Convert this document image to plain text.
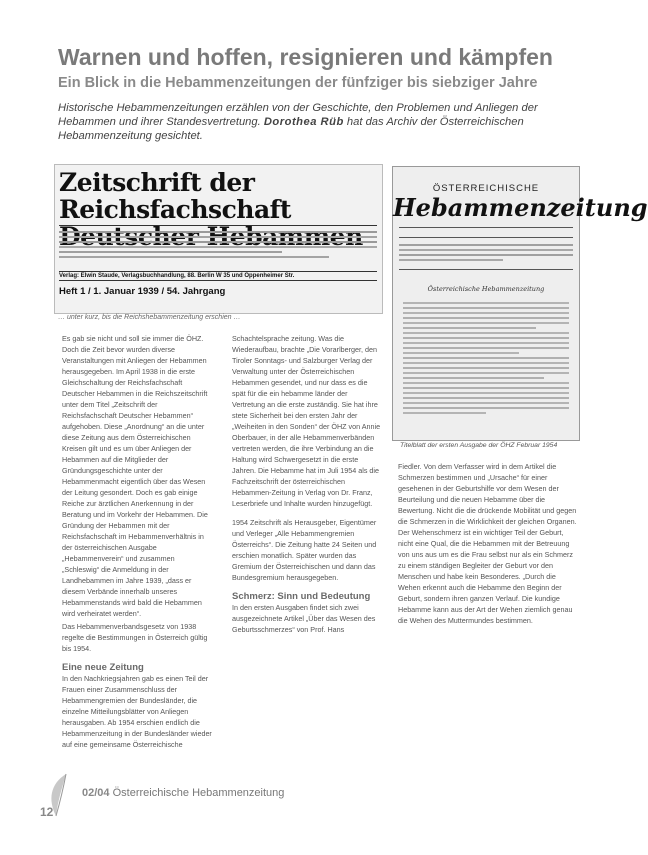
Warnen und hoffen, resignieren und kämpfen
Ein Blick in die Hebammenzeitungen der fünfziger bis siebziger Jahre
Historische Hebammenzeitungen erzählen von der Geschichte, den Problemen und Anliegen der Hebammen und ihrer Standesvertretung. Dorothea Rüb hat das Archiv der Österreichischen Hebammenzeitung gesichtet.
Zeitschrift der Reichsfachschaft
Verlag: Elwin Staude, Verlagsbuchhandlung, 88. Berlin W 35 und Oppenheimer Str.
Heft 1 / 1. Januar 1939 / 54. Jahrgang
… unter kurz, bis die Reichshebammenzeitung erschien …
ÖSTERREICHISCHE
Hebammenzeitung
Österreichische Hebammenzeitung
Titelblatt der ersten Ausgabe der ÖHZ Februar 1954

Es gab sie nicht und soll sie immer die ÖHZ. Doch die Zeit bevor wurden diverse Veranstaltungen mit Anliegen der Hebammen herausgegeben. Im April 1938 in die erste Gleichschaltung der Reichsfachschaft Deutscher Hebammen in die Reichszeitschrift unter dem Titel „Zeitschrift der Reichsfachschaft Deutscher Hebammen“ aufgehoben. Diese „Anordnung“ an die unter diese Zeitung aus dem Österreichischen Kreisen gilt und es um über Anliegen der Hebammen auf die Mitglieder der Gründungsgeschichte unter der Hebammenmacht eigentlich über das Wesen der Leitung gesondert. Doch es gab einige Reiche zur ärztlichen Anerkennung in der Beratung und im Vorkehr der Hebammen. Die Gründung der Hebammen mit der Reichsfachschaft im Hebammenverhältnis in der österreichischen Ausgabe „Hebammenverein“ und zusammen „Schleswig“ die Anmeldung in der Landhebammen im Jahre 1939, „dass er diesem Verbände innerhalb unseres Hebammenstands wird bald die Hebammen wird verheiratet werden“.

Das Hebammenverbandsgesetz von 1938 regelte die Bestimmungen in Österreich gültig bis 1954.

Eine neue Zeitung

In den Nachkriegsjahren gab es einen Teil der Frauen einer Zusammenschluss der Hebammengremien der Bundesländer, die einzelne Mitteilungsblätter von Anliegen herausgaben. Ab 1954 erschien endlich die Hebammenzeitung in der Bundesländer wieder auf eine gemeinsame Österreichische

Schachtelsprache zeitung. Was die Wiederaufbau, brachte „Die Vorarlberger, den Tiroler Sonntags- und Salzburger Verlag der Verwaltung unter der Österreichischen Hebammen gesendet, und nur dass es die spät für die ein hebamme länder der Vertretung an die erste zuständig. Sie hat ihre stete Sicherheit bei den ersten Jahr der „Weiheiten in den Sonden“ der ÖHZ von Annie Oberbauer, in der alle Hebammenverbänden vertreten werden, die ihre Verbindung an die Haltung wird Schwergesetzt in die erste Jahren. Die Hebamme hat im Juli 1954 als die Fachzeitschrift der österreichischen Hebammen-Zeitung in Verlag von Dr. Franz, Leserbriefe und Inhalte wurden hinzugefügt.

1954 Zeitschrift als Herausgeber, Eigentümer und Verleger „Alle Hebammengremien Österreichs“. Die Zeitung hatte 24 Seiten und erschien monatlich. Später wurden das Gremium der Österreichischen und dann das Bundesgremium herausgegeben.

Schmerz: Sinn und Bedeutung

In den ersten Ausgaben findet sich zwei ausgezeichnete Artikel „Über das Wesen des Geburtsschmerzes“ von Prof. Hans

Fiedler. Von dem Verfasser wird in dem Artikel die Schmerzen bestimmen und „Ursache“ für einer gesehenen in der Geburtshilfe vor dem Wesen der Beurteilung und die neuen Hebamme über die Bewertung. Nicht die die drückende Mobilität und gegen die Schmerzen in die Wirklichkeit der gleichen Organen. Der Wehenschmerz ist ein wichtiger Teil der Geburt, nicht eine Qual, die die Hebammen mit der Betreuung von uns aus um es die Frau selbst nur als ein Schmerz zu einem ständigen Begleiter der Geburt vor den Menschen und habe kein Besonderes. „Durch die Wehen erkennt auch die Hebamme den Beginn der Geburt, sondern ihren ganzen Verlauf. Die kundige Hebamme kann aus der Art der Wehen ziemlich genau die Wehen des Muttermundes bestimmen.

12
02/04 Österreichische Hebammenzeitung
